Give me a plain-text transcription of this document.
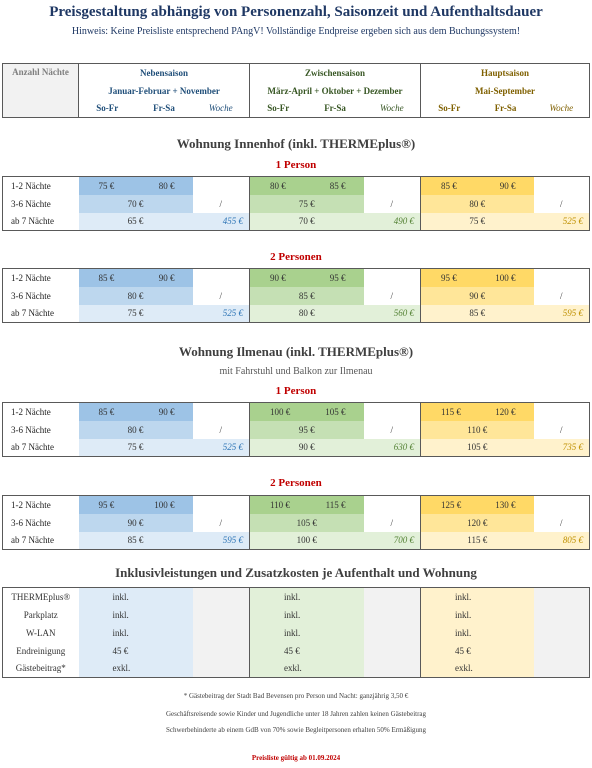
Preisgestaltung abhängig von Personenzahl, Saisonzeit und Aufenthaltsdauer
Hinweis: Keine Preisliste entsprechend PAngV! Vollständige Endpreise ergeben sich aus dem Buchungssystem!
Anzahl Nächte	Nebensaison			Zwischensaison			Hauptsaison		
	Januar-Februar + November			März-April + Oktober + Dezember			Mai-September		
	So-Fr	Fr-Sa	Woche	So-Fr	Fr-Sa	Woche	So-Fr	Fr-Sa	Woche
Wohnung Innenhof (inkl. THERMEplus®)
1 Person
1-2 Nächte	75 €	80 €		80 €	85 €		85 €	90 €	
3-6 Nächte	70 €		/	75 €		/	80 €		/
ab 7 Nächte	65 €		455 €	70 €		490 €	75 €		525 €
2 Personen
1-2 Nächte	85 €	90 €		90 €	95 €		95 €	100 €	
3-6 Nächte	80 €		/	85 €		/	90 €		/
ab 7 Nächte	75 €		525 €	80 €		560 €	85 €		595 €
Wohnung Ilmenau (inkl. THERMEplus®)
mit Fahrstuhl und Balkon zur Ilmenau
1 Person
1-2 Nächte	85 €	90 €		100 €	105 €		115 €	120 €	
3-6 Nächte	80 €		/	95 €		/	110 €		/
ab 7 Nächte	75 €		525 €	90 €		630 €	105 €		735 €
2 Personen
1-2 Nächte	95 €	100 €		110 €	115 €		125 €	130 €	
3-6 Nächte	90 €		/	105 €		/	120 €		/
ab 7 Nächte	85 €		595 €	100 €		700 €	115 €		805 €
Inklusivleistungen und Zusatzkosten je Aufenthalt und Wohnung
THERMEplus®	inkl.		inkl.		inkl.	
Parkplatz	inkl.		inkl.		inkl.	
W-LAN	inkl.		inkl.		inkl.	
Endreinigung	45 €		45 €		45 €	
Gästebeitrag*	exkl.		exkl.		exkl.	
* Gästebeitrag der Stadt Bad Bevensen pro Person und Nacht: ganzjährig 3,50 €
Geschäftsreisende sowie Kinder und Jugendliche unter 18 Jahren zahlen keinen Gästebeitrag
Schwerbehinderte ab einem GdB von 70% sowie Begleitpersonen erhalten 50% Ermäßigung
Preisliste gültig ab 01.09.2024
